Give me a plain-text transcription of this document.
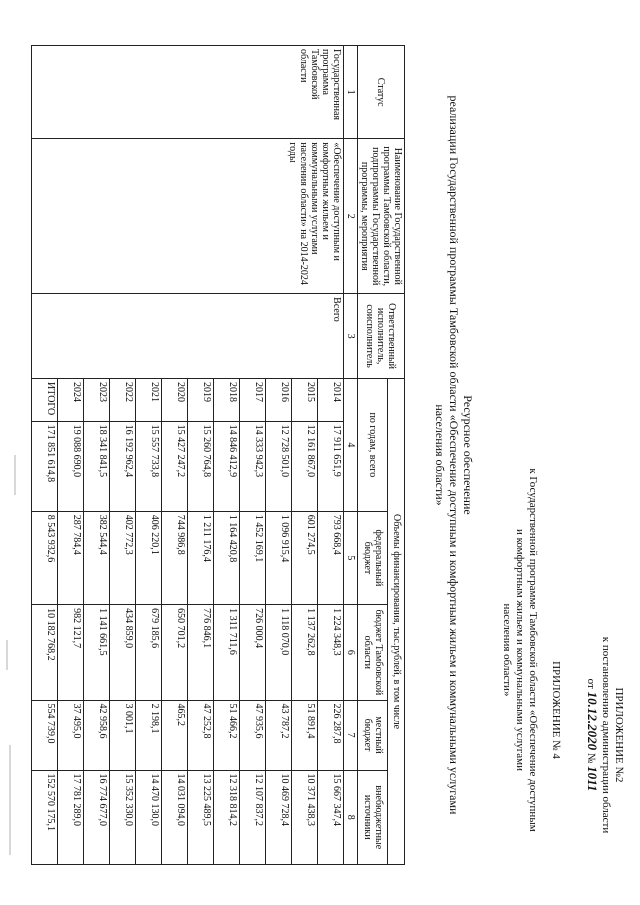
ПРИЛОЖЕНИЕ №2
к постановлению администрации области
от 10.12.2020 № 1011
ПРИЛОЖЕНИЕ № 4
к Государственной программе Тамбовской области «Обеспечение доступным
и комфортным жильем и коммунальными услугами
населения области»
Ресурсное обеспечение
реализации Государственной программы Тамбовской области «Обеспечение доступным и комфортным жильем и коммунальными услугами
населения области»
Статус	Наименование Государственной программы Тамбовской области, подпрограммы Государственной программы, мероприятия	Ответственный исполнитель, соисполнитель	Объемы финансирования, тыс.рублей, в том числе					
			по годам, всего		федеральный бюджет	бюджет Тамбовской области	местный бюджет	внебюджетные источники
1	2	3	4		5	6	7	8
Государственная программа Тамбовской области	«Обеспечение доступным и комфортным жильем и коммунальными услугами населения области» на 2014-2024 годы	Всего	2014	17 911 651,9	793 668,4	1 224 348,3	226 287,8	15 667 347,4
			2015	12 161 867,0	601 274,5	1 137 262,8	51 891,4	10 371 438,3
			2016	12 728 501,0	1 096 915,4	1 118 070,0	43 787,2	10 469 728,4
			2017	14 333 942,3	1 452 169,1	726 000,4	47 935,6	12 107 837,2
			2018	14 846 412,9	1 164 420,8	1 311 711,6	51 466,2	12 318 814,2
			2019	15 260 764,8	1 211 176,4	776 846,1	47 252,8	13 225 489,5
			2020	15 427 247,2	744 986,8	650 701,2	465,2	14 031 094,0
			2021	15 557 733,8	406 220,1	679 185,6	2 198,1	14 470 130,0
			2022	16 192 962,4	402 772,3	434 859,0	3 001,1	15 352 330,0
			2023	18 341 841,5	382 544,4	1 141 661,5	42 958,6	16 774 677,0
			2024	19 088 690,0	287 784,4	982 121,7	37 495,0	17 781 289,0
			ИТОГО	171 851 614,8	8 543 932,6	10 182 768,2	554 739,0	152 570 175,1
